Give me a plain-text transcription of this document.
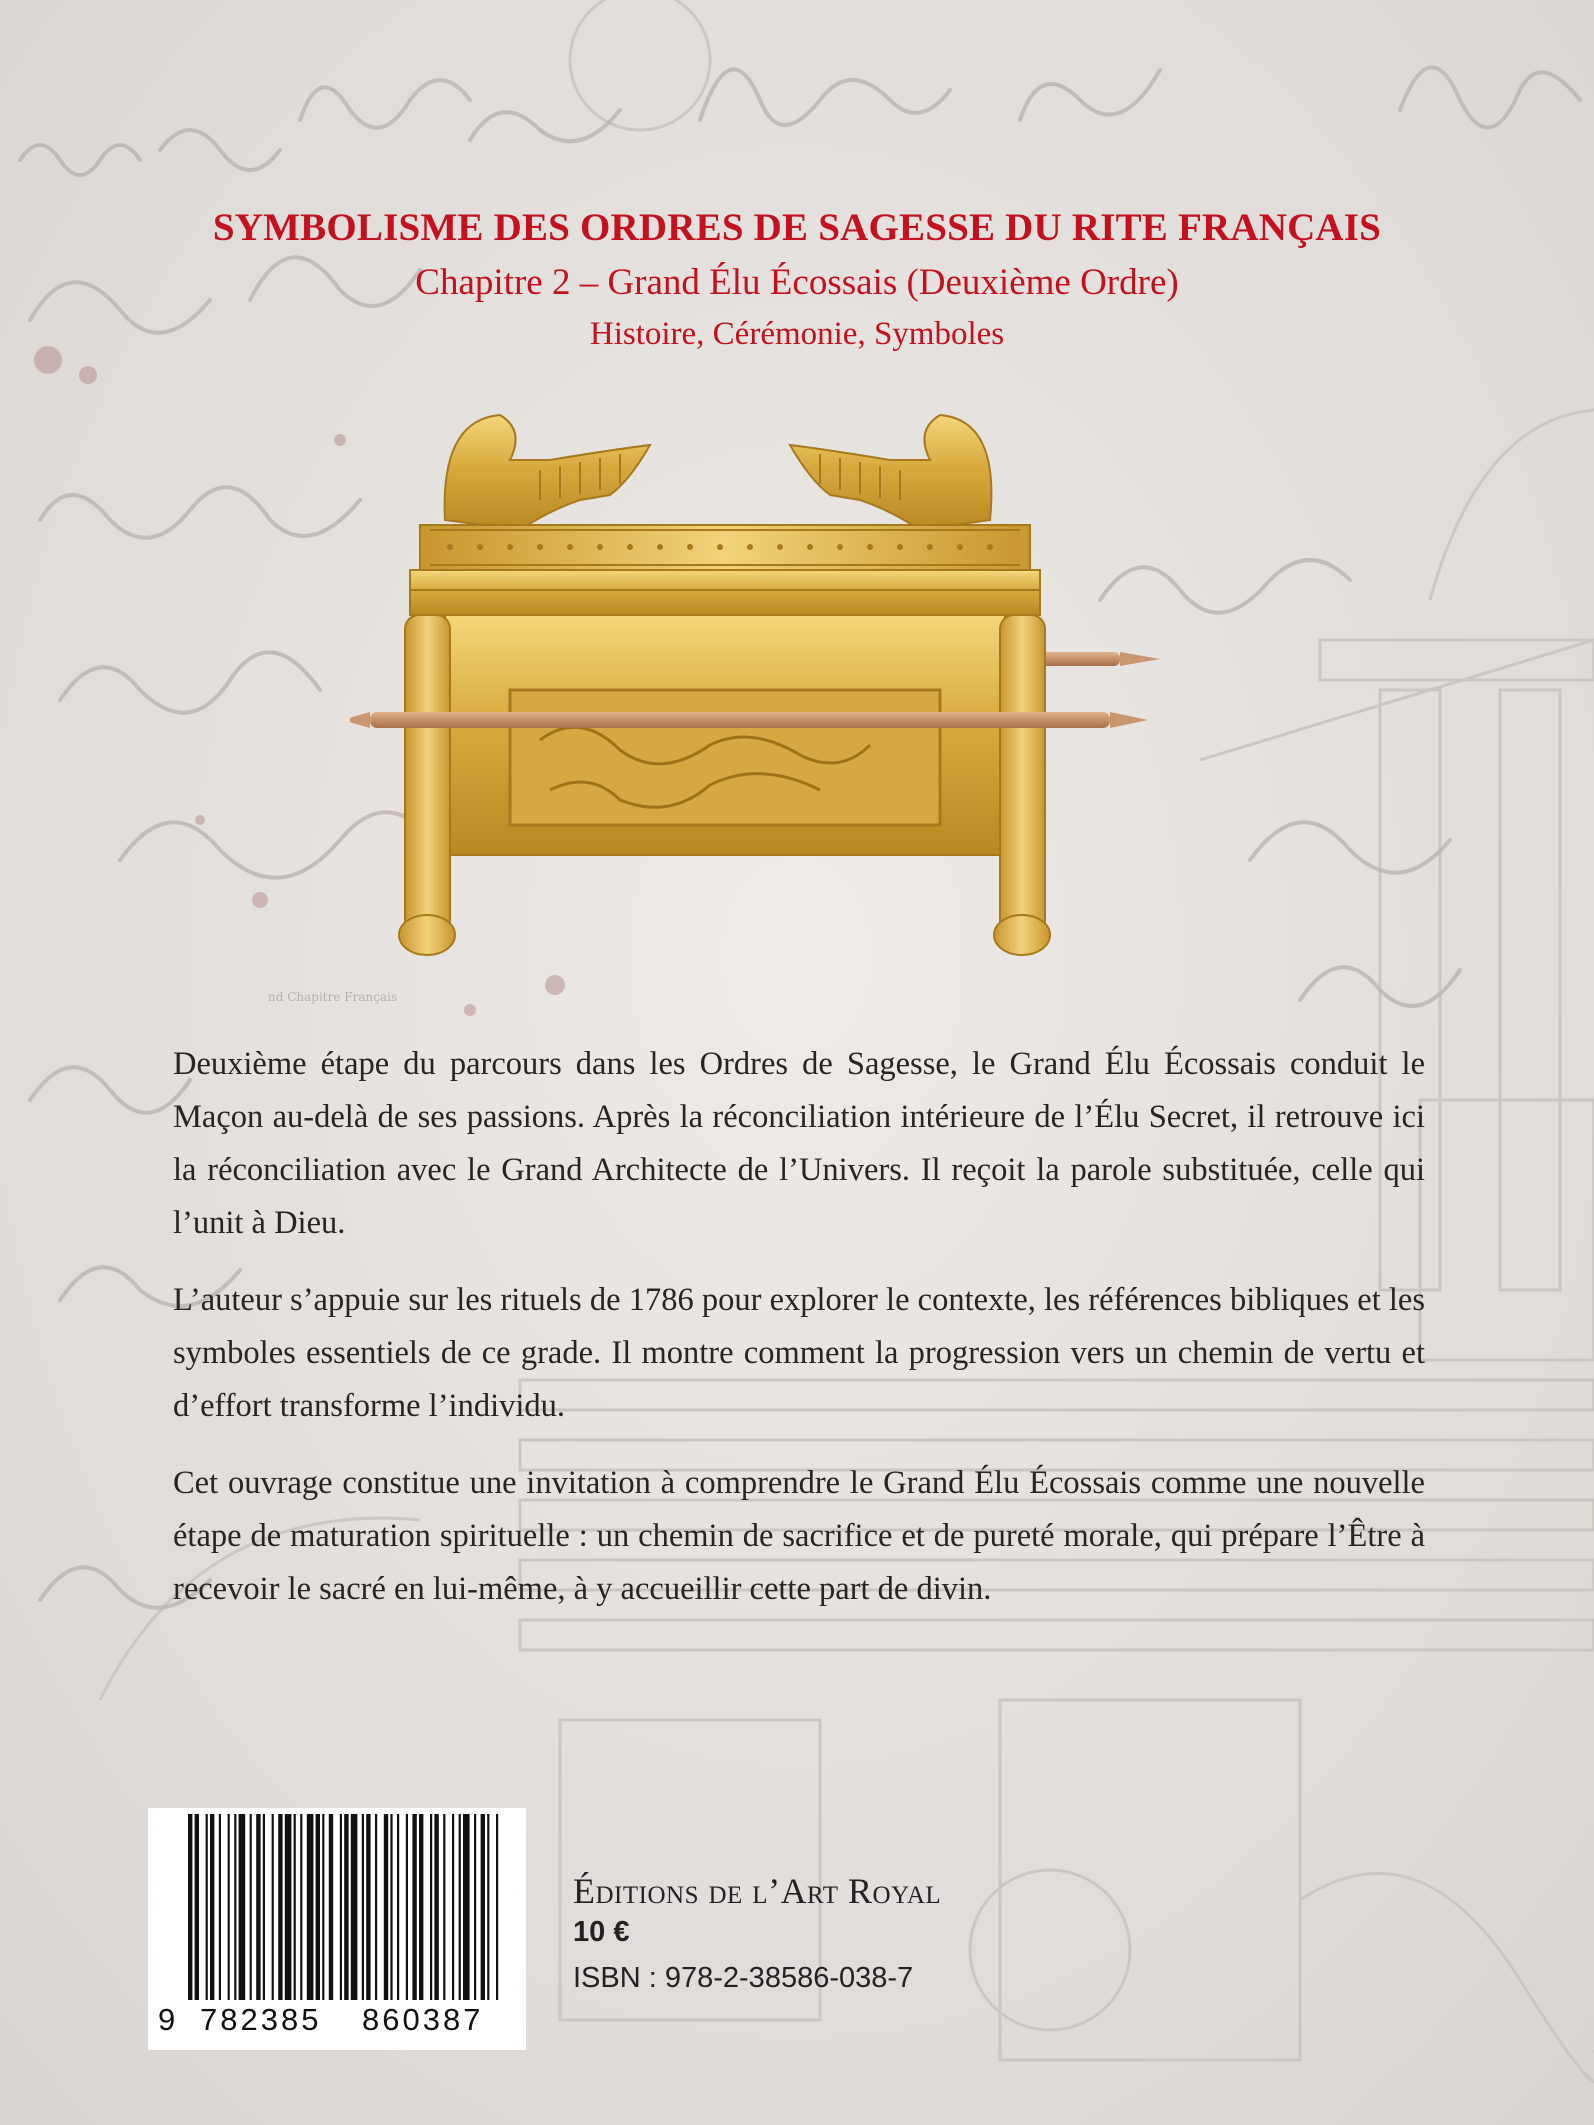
SYMBOLISME DES ORDRES DE SAGESSE DU RITE FRANÇAIS
Chapitre 2 – Grand Élu Écossais (Deuxième Ordre)
Histoire, Cérémonie, Symboles
nd Chapitre Français

Deuxième étape du parcours dans les Ordres de Sagesse, le Grand Élu Écossais conduit le Maçon au-delà de ses passions. Après la réconciliation intérieure de l’Élu Secret, il retrouve ici la réconciliation avec le Grand Architecte de l’Univers. Il reçoit la parole substituée, celle qui l’unit à Dieu.

L’auteur s’appuie sur les rituels de 1786 pour explorer le contexte, les références bibliques et les symboles essentiels de ce grade. Il montre comment la progression vers un chemin de vertu et d’effort transforme l’individu.

Cet ouvrage constitue une invitation à comprendre le Grand Élu Écossais comme une nouvelle étape de maturation spirituelle : un chemin de sacrifice et de pureté morale, qui prépare l’Être à recevoir le sacré en lui-même, à y accueillir cette part de divin.

9 782385 860387
Éditions de l’Art Royal
10 €
ISBN : 978-2-38586-038-7
